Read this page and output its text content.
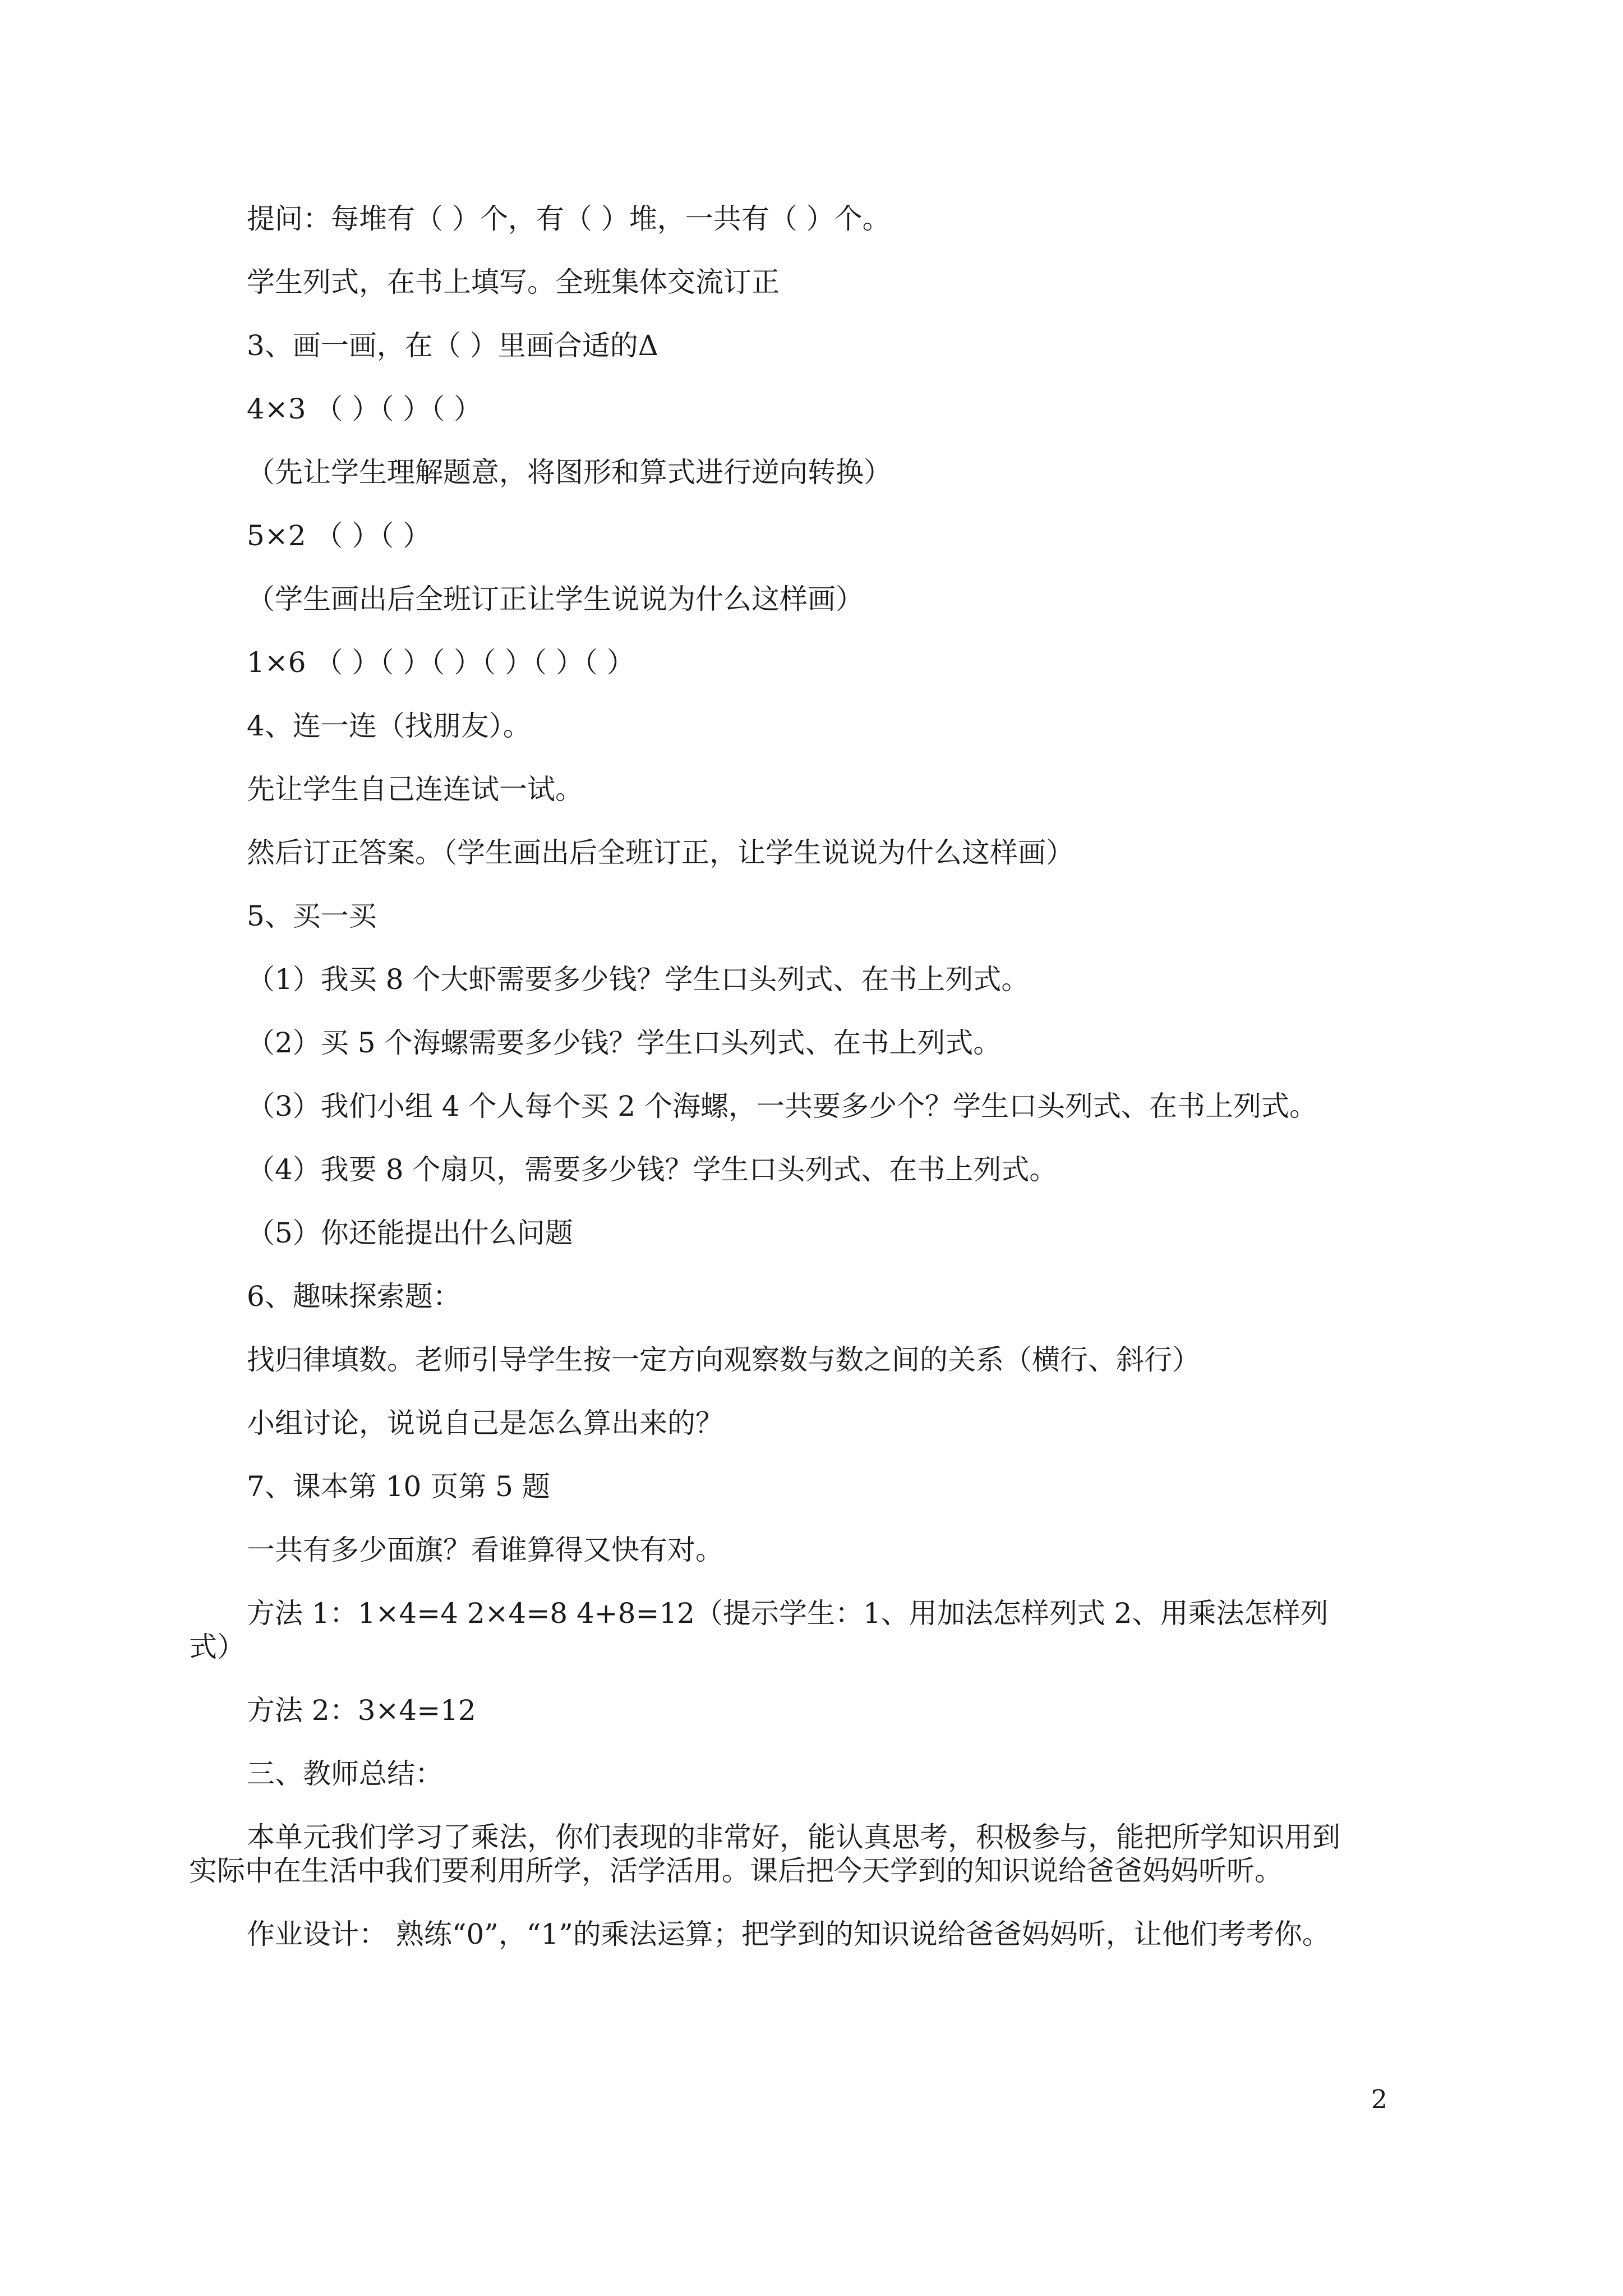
提问：每堆有（ ）个，有（ ）堆，一共有（ ）个。
学生列式，在书上填写。全班集体交流订正
3、画一画，在（ ）里画合适的Δ
4×3 （ ）（ ）（ ）
（先让学生理解题意，将图形和算式进行逆向转换）
5×2 （ ）（ ）
（学生画出后全班订正让学生说说为什么这样画）
1×6 （ ）（ ）（ ）（ ）（ ）（ ）
4、连一连（找朋友）。
先让学生自己连连试一试。
然后订正答案。（学生画出后全班订正，让学生说说为什么这样画）
5、买一买
（1）我买 8 个大虾需要多少钱？学生口头列式、在书上列式。
（2）买 5 个海螺需要多少钱？学生口头列式、在书上列式。
（3）我们小组 4 个人每个买 2 个海螺，一共要多少个？学生口头列式、在书上列式。
（4）我要 8 个扇贝，需要多少钱？学生口头列式、在书上列式。
（5）你还能提出什么问题
6、趣味探索题：
找归律填数。老师引导学生按一定方向观察数与数之间的关系（横行、斜行）
小组讨论，说说自己是怎么算出来的？
7、课本第 10 页第 5 题
一共有多少面旗？看谁算得又快有对。
方法 1：1×4=4 2×4=8 4+8=12（提示学生：1、用加法怎样列式 2、用乘法怎样列式）
方法 2：3×4=12
三、教师总结：
本单元我们学习了乘法，你们表现的非常好，能认真思考，积极参与，能把所学知识用到实际中在生活中我们要利用所学，活学活用。课后把今天学到的知识说给爸爸妈妈听听。
作业设计： 熟练“0”，“1”的乘法运算；把学到的知识说给爸爸妈妈听，让他们考考你。
2
